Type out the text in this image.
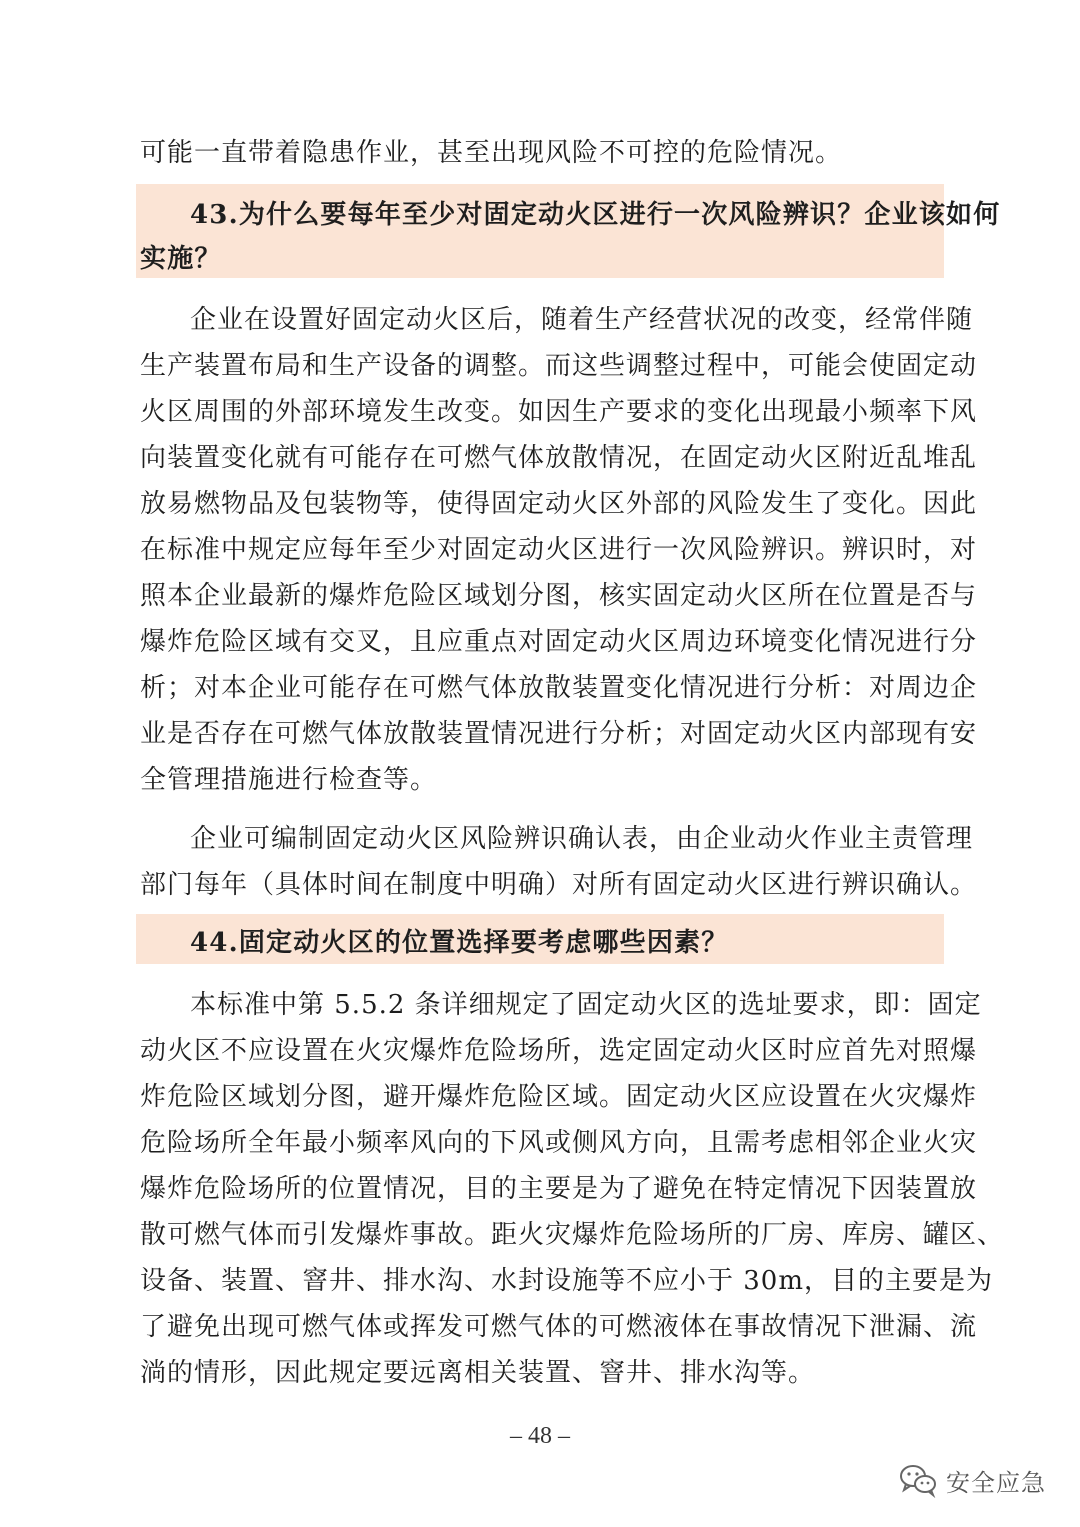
可能一直带着隐患作业，甚至出现风险不可控的危险情况。
43.为什么要每年至少对固定动火区进行一次风险辨识？企业该如何
实施？
企业在设置好固定动火区后，随着生产经营状况的改变，经常伴随
生产装置布局和生产设备的调整。而这些调整过程中，可能会使固定动
火区周围的外部环境发生改变。如因生产要求的变化出现最小频率下风
向装置变化就有可能存在可燃气体放散情况，在固定动火区附近乱堆乱
放易燃物品及包装物等，使得固定动火区外部的风险发生了变化。因此
在标准中规定应每年至少对固定动火区进行一次风险辨识。辨识时，对
照本企业最新的爆炸危险区域划分图，核实固定动火区所在位置是否与
爆炸危险区域有交叉，且应重点对固定动火区周边环境变化情况进行分
析；对本企业可能存在可燃气体放散装置变化情况进行分析：对周边企
业是否存在可燃气体放散装置情况进行分析；对固定动火区内部现有安
全管理措施进行检查等。
企业可编制固定动火区风险辨识确认表，由企业动火作业主责管理
部门每年（具体时间在制度中明确）对所有固定动火区进行辨识确认。
44.固定动火区的位置选择要考虑哪些因素？
本标准中第 5.5.2 条详细规定了固定动火区的选址要求，即：固定
动火区不应设置在火灾爆炸危险场所，选定固定动火区时应首先对照爆
炸危险区域划分图，避开爆炸危险区域。固定动火区应设置在火灾爆炸
危险场所全年最小频率风向的下风或侧风方向，且需考虑相邻企业火灾
爆炸危险场所的位置情况，目的主要是为了避免在特定情况下因装置放
散可燃气体而引发爆炸事故。距火灾爆炸危险场所的厂房、库房、罐区、
设备、装置、窨井、排水沟、水封设施等不应小于 30m，目的主要是为
了避免出现可燃气体或挥发可燃气体的可燃液体在事故情况下泄漏、流
淌的情形，因此规定要远离相关装置、窨井、排水沟等。
– 48 –
安全应急
